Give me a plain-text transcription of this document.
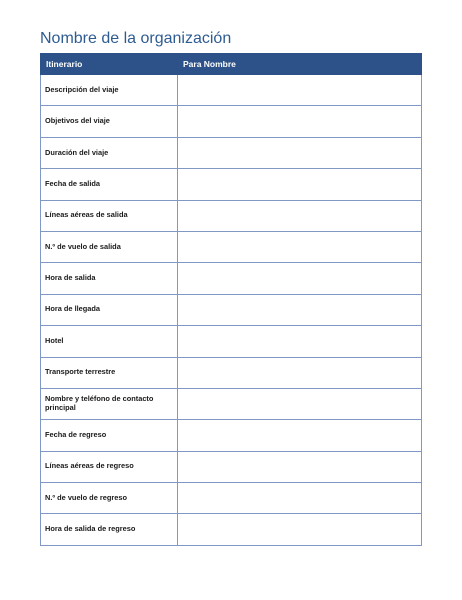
Nombre de la organización
Itinerario	Para Nombre
Descripción del viaje	
Objetivos del viaje	
Duración del viaje	
Fecha de salida	
Líneas aéreas de salida	
N.º de vuelo de salida	
Hora de salida	
Hora de llegada	
Hotel	
Transporte terrestre	
Nombre y teléfono de contacto principal	
Fecha de regreso	
Líneas aéreas de regreso	
N.º de vuelo de regreso	
Hora de salida de regreso	
